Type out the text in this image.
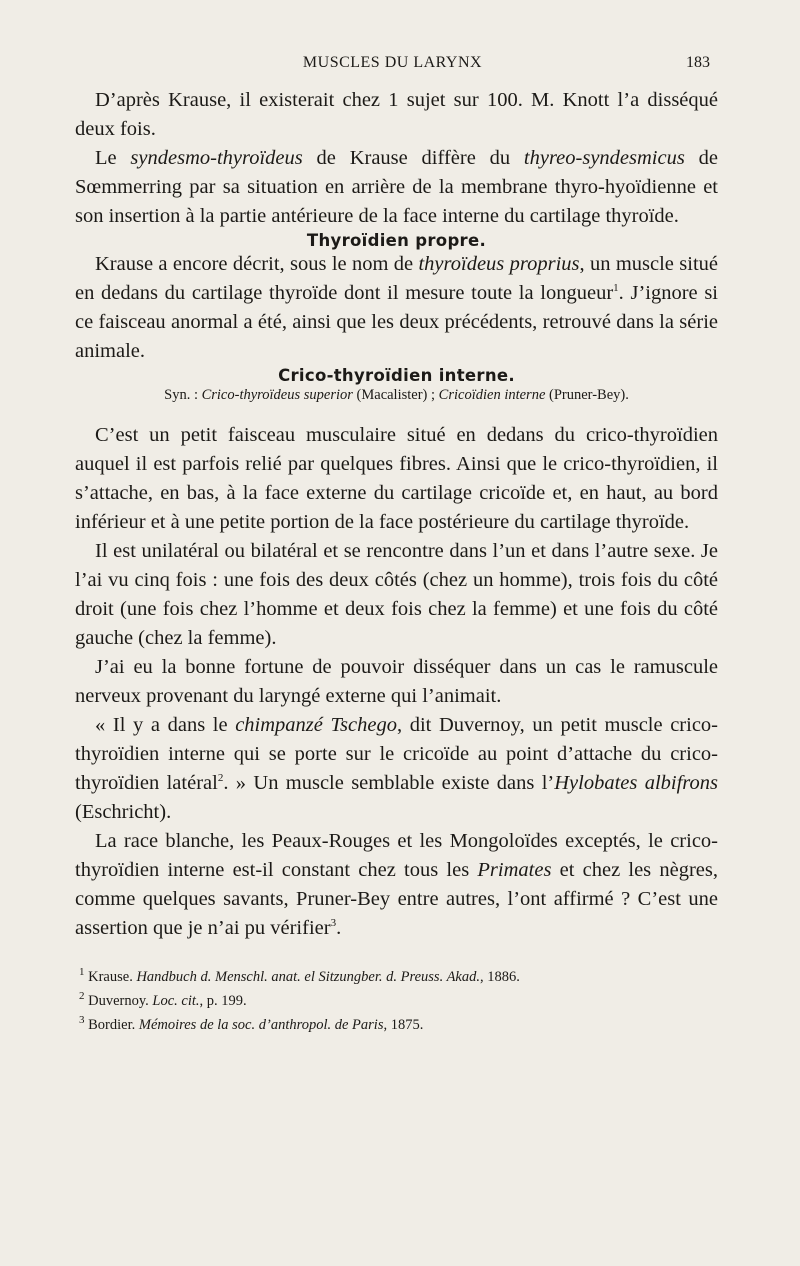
MUSCLES DU LARYNX	183

D’après Krause, il existerait chez 1 sujet sur 100. M. Knott l’a disséqué deux fois.

Le syndesmo-thyroïdeus de Krause diffère du thyreo-syndesmicus de Sœmmerring par sa situation en arrière de la membrane thyro-hyoïdienne et son insertion à la partie antérieure de la face interne du cartilage thyroïde.

Thyroïdien propre.

Krause a encore décrit, sous le nom de thyroïdeus proprius, un muscle situé en dedans du cartilage thyroïde dont il mesure toute la longueur$^1$. J’ignore si ce faisceau anormal a été, ainsi que les deux précédents, retrouvé dans la série animale.

Crico-thyroïdien interne.

Syn. : Crico-thyroïdeus superior (Macalister) ; Cricoïdien interne (Pruner-Bey).

C’est un petit faisceau musculaire situé en dedans du crico-thyroïdien auquel il est parfois relié par quelques fibres. Ainsi que le crico-thyroïdien, il s’attache, en bas, à la face externe du cartilage cricoïde et, en haut, au bord inférieur et à une petite portion de la face postérieure du cartilage thyroïde.

Il est unilatéral ou bilatéral et se rencontre dans l’un et dans l’autre sexe. Je l’ai vu cinq fois : une fois des deux côtés (chez un homme), trois fois du côté droit (une fois chez l’homme et deux fois chez la femme) et une fois du côté gauche (chez la femme).

J’ai eu la bonne fortune de pouvoir disséquer dans un cas le ramuscule nerveux provenant du laryngé externe qui l’animait.

« Il y a dans le chimpanzé Tschego, dit Duvernoy, un petit muscle crico-thyroïdien interne qui se porte sur le cricoïde au point d’attache du crico-thyroïdien latéral$^2$. » Un muscle semblable existe dans l’Hylobates albifrons (Eschricht).

La race blanche, les Peaux-Rouges et les Mongoloïdes exceptés, le crico-thyroïdien interne est-il constant chez tous les Primates et chez les nègres, comme quelques savants, Pruner-Bey entre autres, l’ont affirmé ? C’est une assertion que je n’ai pu vérifier$^3$.

$^1$ Krause. Handbuch d. Menschl. anat. el Sitzungber. d. Preuss. Akad., 1886.

$^2$ Duvernoy. Loc. cit., p. 199.

$^3$ Bordier. Mémoires de la soc. d’anthropol. de Paris, 1875.
